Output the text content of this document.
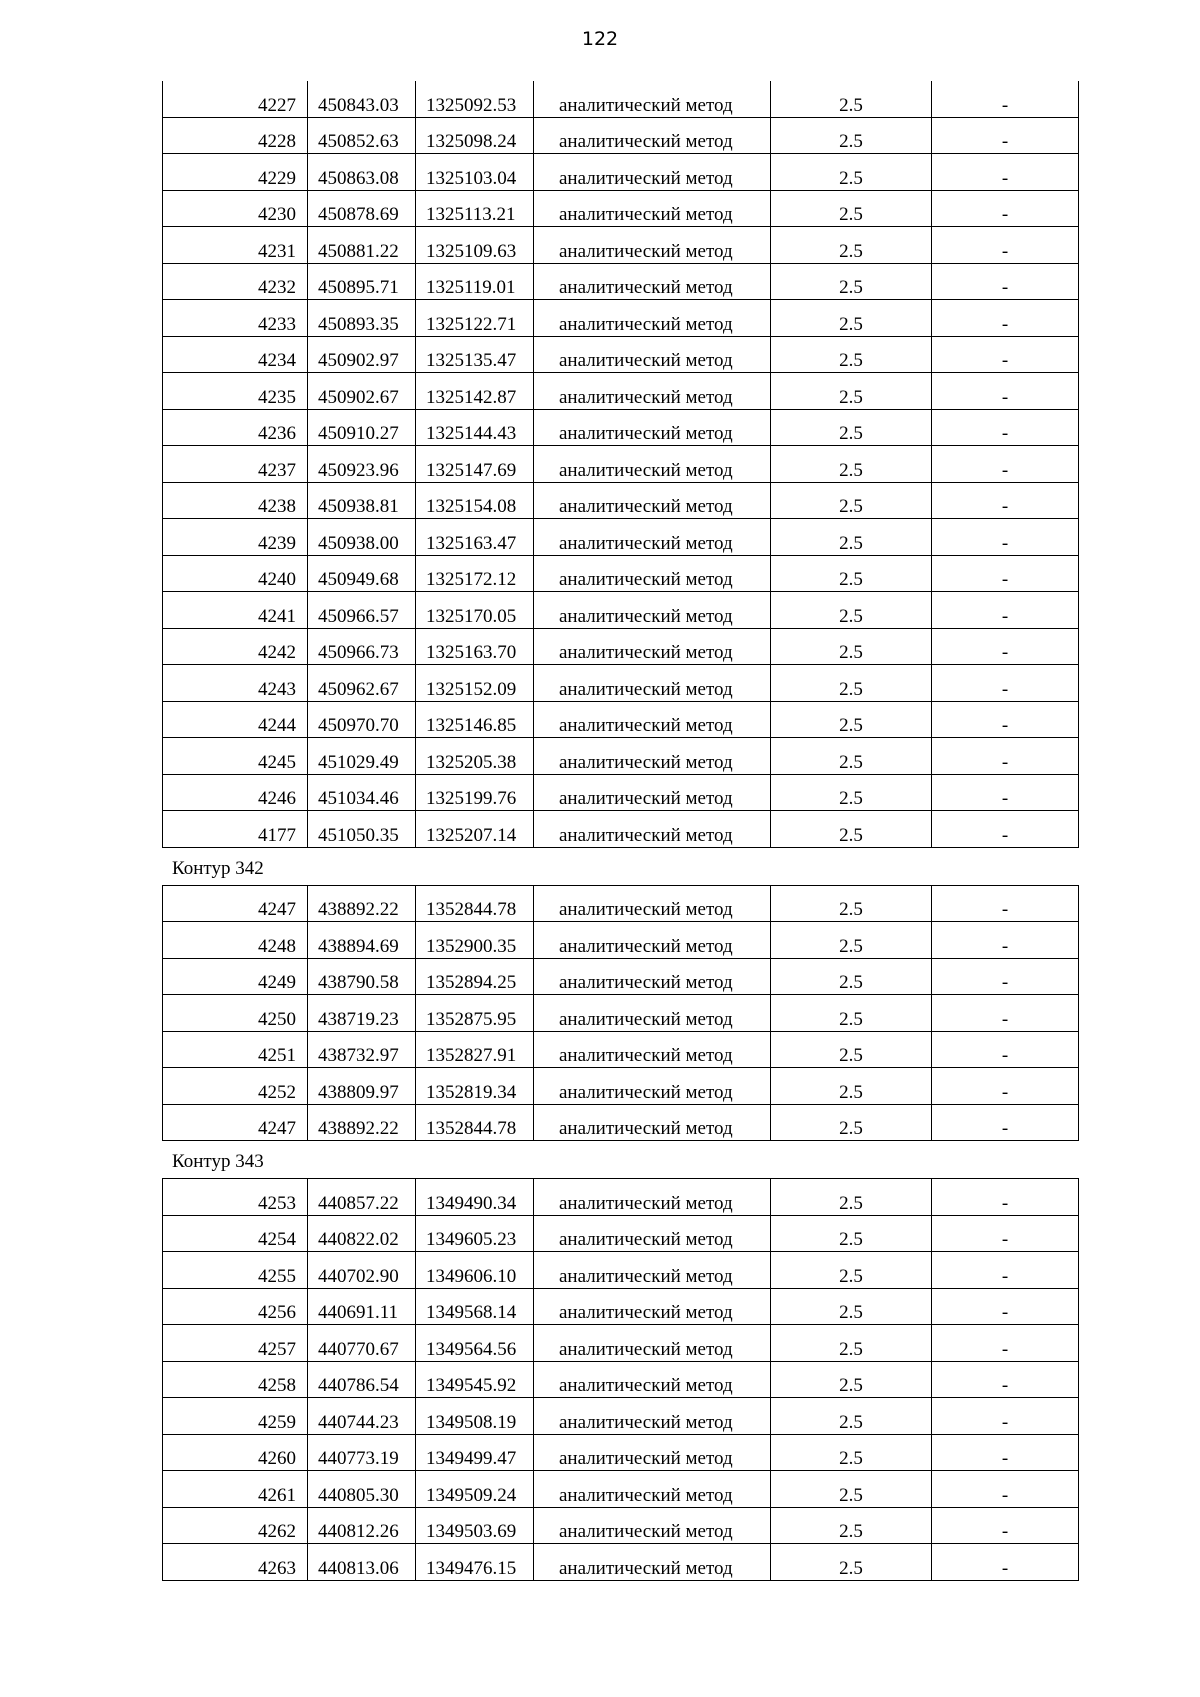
122
4227	450843.03	1325092.53	аналитический метод	2.5	-
4228	450852.63	1325098.24	аналитический метод	2.5	-
4229	450863.08	1325103.04	аналитический метод	2.5	-
4230	450878.69	1325113.21	аналитический метод	2.5	-
4231	450881.22	1325109.63	аналитический метод	2.5	-
4232	450895.71	1325119.01	аналитический метод	2.5	-
4233	450893.35	1325122.71	аналитический метод	2.5	-
4234	450902.97	1325135.47	аналитический метод	2.5	-
4235	450902.67	1325142.87	аналитический метод	2.5	-
4236	450910.27	1325144.43	аналитический метод	2.5	-
4237	450923.96	1325147.69	аналитический метод	2.5	-
4238	450938.81	1325154.08	аналитический метод	2.5	-
4239	450938.00	1325163.47	аналитический метод	2.5	-
4240	450949.68	1325172.12	аналитический метод	2.5	-
4241	450966.57	1325170.05	аналитический метод	2.5	-
4242	450966.73	1325163.70	аналитический метод	2.5	-
4243	450962.67	1325152.09	аналитический метод	2.5	-
4244	450970.70	1325146.85	аналитический метод	2.5	-
4245	451029.49	1325205.38	аналитический метод	2.5	-
4246	451034.46	1325199.76	аналитический метод	2.5	-
4177	451050.35	1325207.14	аналитический метод	2.5	-
Контур 342
4247	438892.22	1352844.78	аналитический метод	2.5	-
4248	438894.69	1352900.35	аналитический метод	2.5	-
4249	438790.58	1352894.25	аналитический метод	2.5	-
4250	438719.23	1352875.95	аналитический метод	2.5	-
4251	438732.97	1352827.91	аналитический метод	2.5	-
4252	438809.97	1352819.34	аналитический метод	2.5	-
4247	438892.22	1352844.78	аналитический метод	2.5	-
Контур 343
4253	440857.22	1349490.34	аналитический метод	2.5	-
4254	440822.02	1349605.23	аналитический метод	2.5	-
4255	440702.90	1349606.10	аналитический метод	2.5	-
4256	440691.11	1349568.14	аналитический метод	2.5	-
4257	440770.67	1349564.56	аналитический метод	2.5	-
4258	440786.54	1349545.92	аналитический метод	2.5	-
4259	440744.23	1349508.19	аналитический метод	2.5	-
4260	440773.19	1349499.47	аналитический метод	2.5	-
4261	440805.30	1349509.24	аналитический метод	2.5	-
4262	440812.26	1349503.69	аналитический метод	2.5	-
4263	440813.06	1349476.15	аналитический метод	2.5	-
